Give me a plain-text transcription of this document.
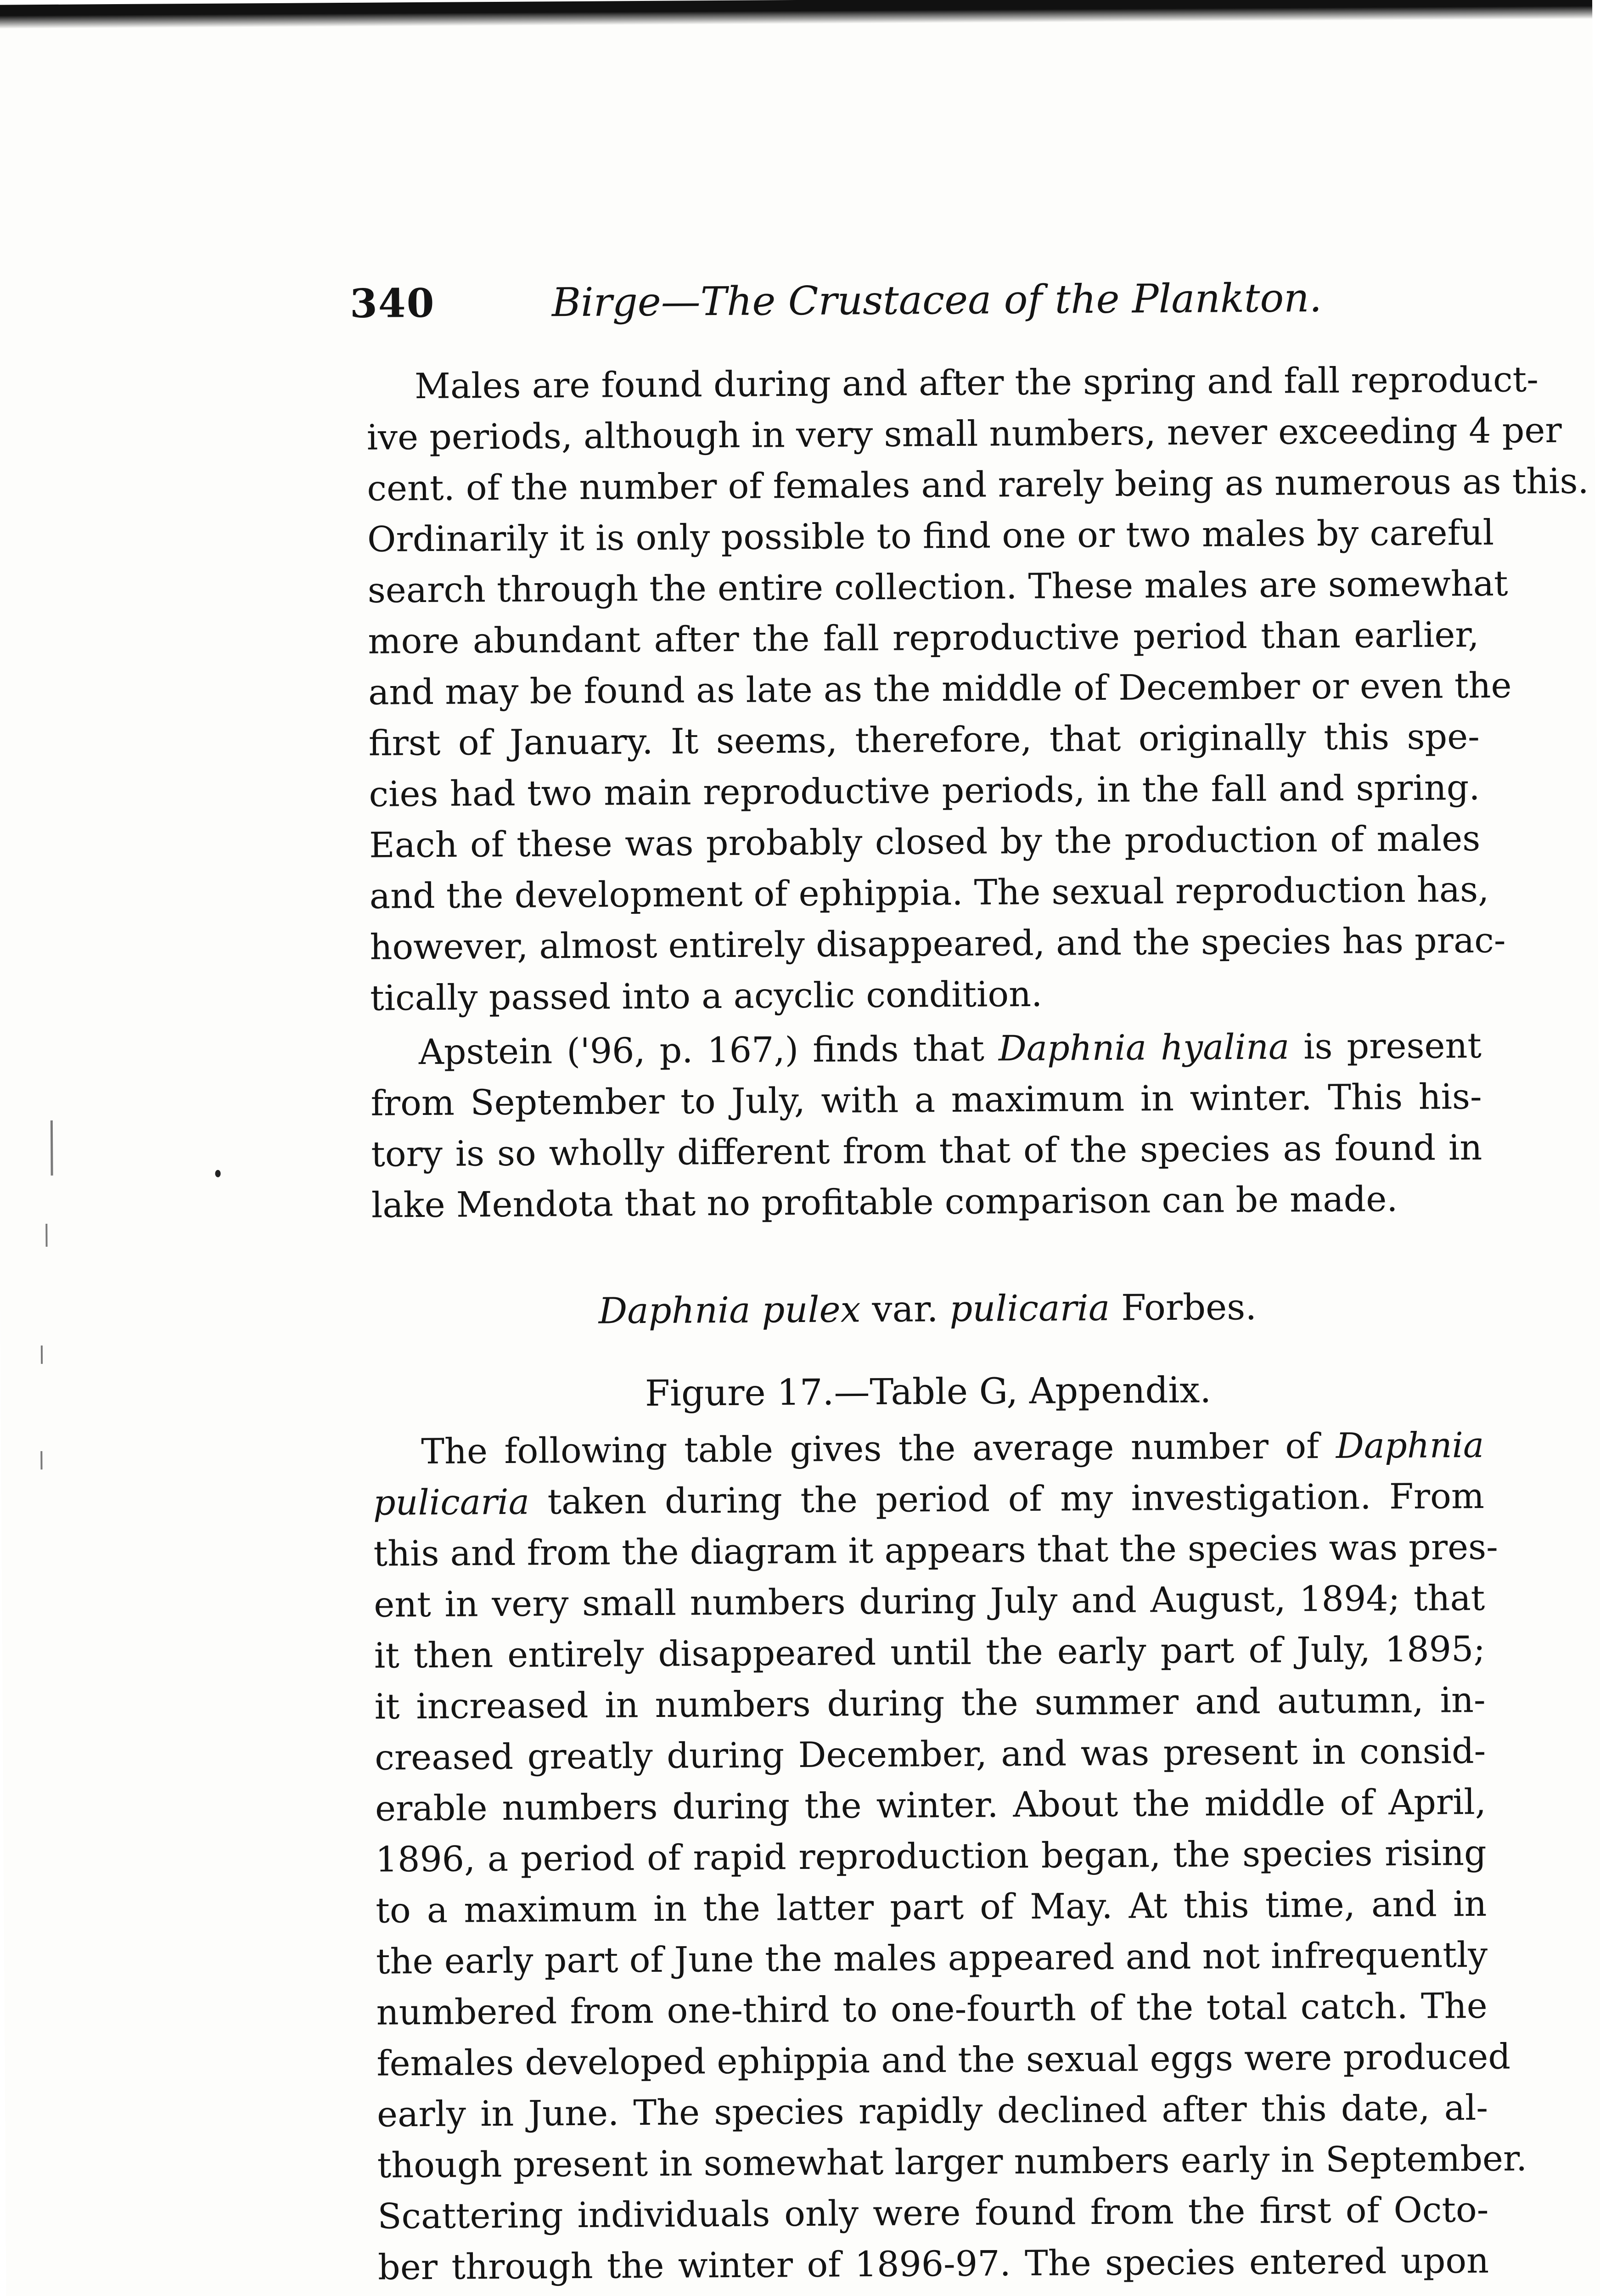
340	Birge—The Crustacea of the Plankton.
Males are found during and after the spring and fall reproduct-
ive periods, although in very small numbers, never exceeding 4 per
cent. of the number of females and rarely being as numerous as this.
Ordinarily it is only possible to find one or two males by careful
search through the entire collection. These males are somewhat
more abundant after the fall reproductive period than earlier,
and may be found as late as the middle of December or even the
first of January. It seems, therefore, that originally this spe-
cies had two main reproductive periods, in the fall and spring.
Each of these was probably closed by the production of males
and the development of ephippia. The sexual reproduction has,
however, almost entirely disappeared, and the species has prac-
tically passed into a acyclic condition.
Apstein ('96, p. 167,) finds that Daphnia hyalina is present
from September to July, with a maximum in winter. This his-
tory is so wholly different from that of the species as found in
lake Mendota that no profitable comparison can be made.
Daphnia pulex var. pulicaria Forbes.
Figure 17.—Table G, Appendix.
The following table gives the average number of Daphnia
pulicaria taken during the period of my investigation. From
this and from the diagram it appears that the species was pres-
ent in very small numbers during July and August, 1894; that
it then entirely disappeared until the early part of July, 1895;
it increased in numbers during the summer and autumn, in-
creased greatly during December, and was present in consid-
erable numbers during the winter. About the middle of April,
1896, a period of rapid reproduction began, the species rising
to a maximum in the latter part of May. At this time, and in
the early part of June the males appeared and not infrequently
numbered from one-third to one-fourth of the total catch. The
females developed ephippia and the sexual eggs were produced
early in June. The species rapidly declined after this date, al-
though present in somewhat larger numbers early in September.
Scattering individuals only were found from the first of Octo-
ber through the winter of 1896-97. The species entered upon
